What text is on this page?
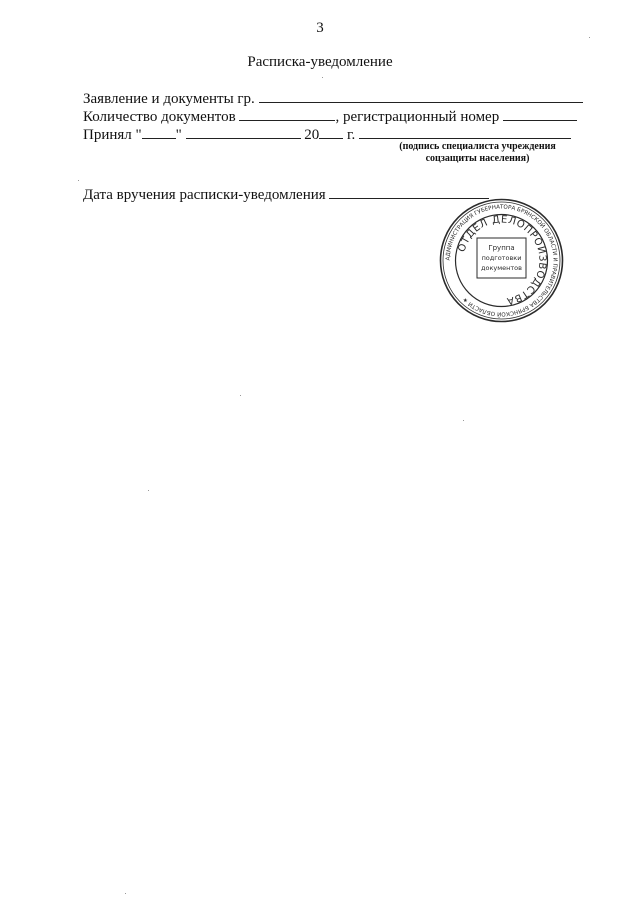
3
Расписка-уведомление
Заявление и документы гр.
Количество документов	, регистрационный номер
Принял " "	20 г.
(подпись специалиста учреждения
соцзащиты населения)
Дата вручения расписки-уведомления
АДМИНИСТРАЦИЯ ГУБЕРНАТОРА БРЯНСКОЙ ОБЛАСТИ И ПРАВИТЕЛЬСТВА БРЯНСКОЙ ОБЛАСТИ ★
ОТДЕЛ ДЕЛОПРОИЗВОДСТВА
Группа
подготовки
документов
